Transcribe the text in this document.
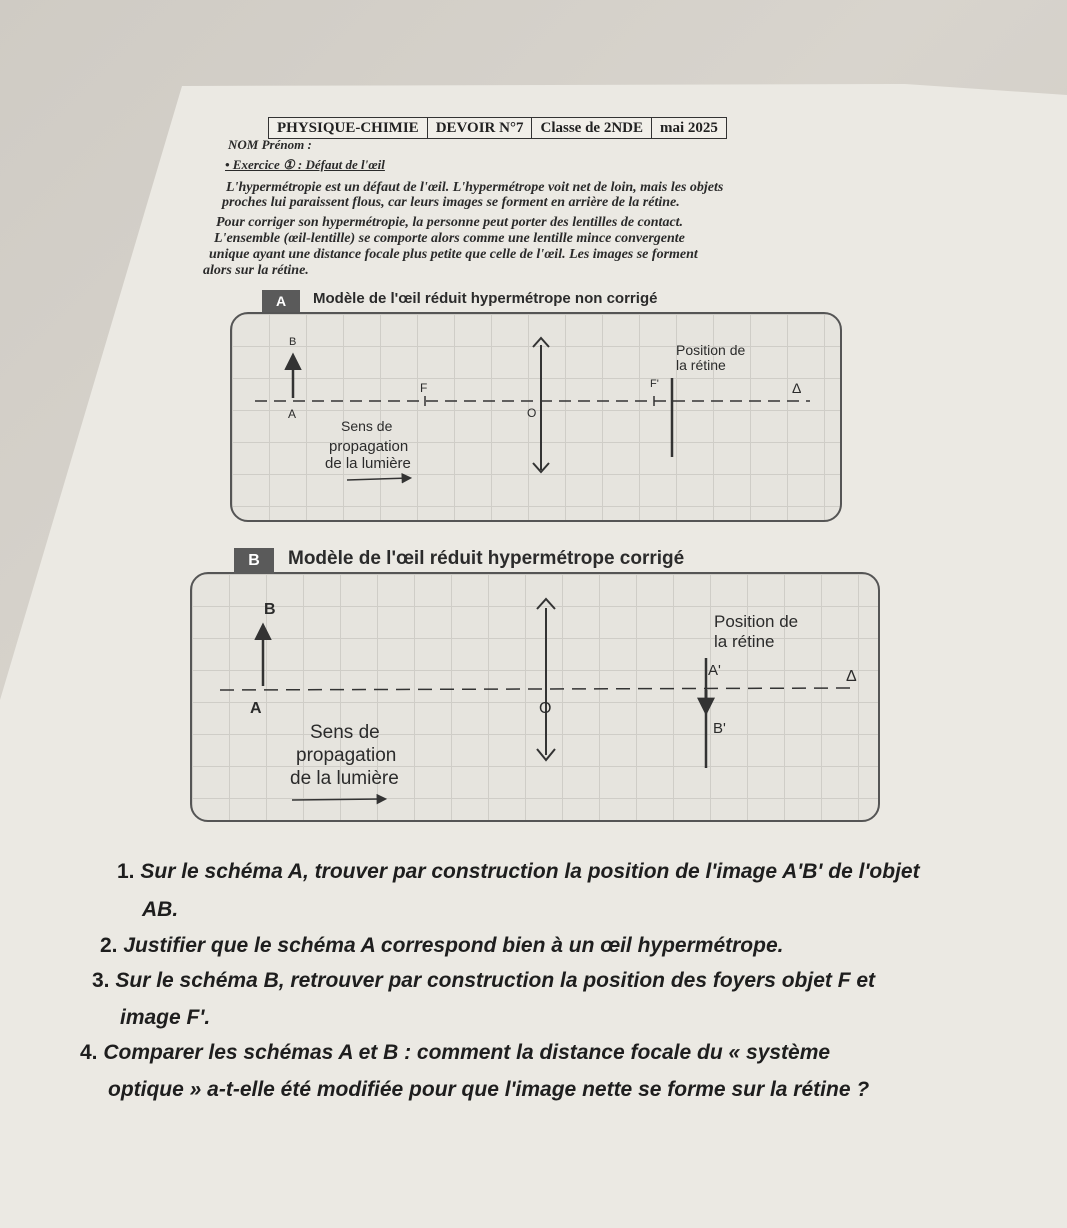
PHYSIQUE-CHIMIE	DEVOIR N°7	Classe de 2NDE	mai 2025
NOM Prénom :
• Exercice ① : Défaut de l'œil
L'hypermétropie est un défaut de l'œil. L'hypermétrope voit net de loin, mais les objets
proches lui paraissent flous, car leurs images se forment en arrière de la rétine.
Pour corriger son hypermétropie, la personne peut porter des lentilles de contact.
L'ensemble (œil-lentille) se comporte alors comme une lentille mince convergente
unique ayant une distance focale plus petite que celle de l'œil. Les images se forment
alors sur la rétine.
A	Modèle de l'œil réduit hypermétrope non corrigé
B
A
F
O
F'	Δ
Position de
la rétine
Sens de
propagation
de la lumière
B	Modèle de l'œil réduit hypermétrope corrigé
B
A	O
A'
B'
Δ
Position de
la rétine
Sens de
propagation
de la lumière
1. Sur le schéma A, trouver par construction la position de l'image A'B' de l'objet
AB.
2. Justifier que le schéma A correspond bien à un œil hypermétrope.
3. Sur le schéma B, retrouver par construction la position des foyers objet F et
image F'.
4. Comparer les schémas A et B : comment la distance focale du « système
optique » a-t-elle été modifiée pour que l'image nette se forme sur la rétine ?
